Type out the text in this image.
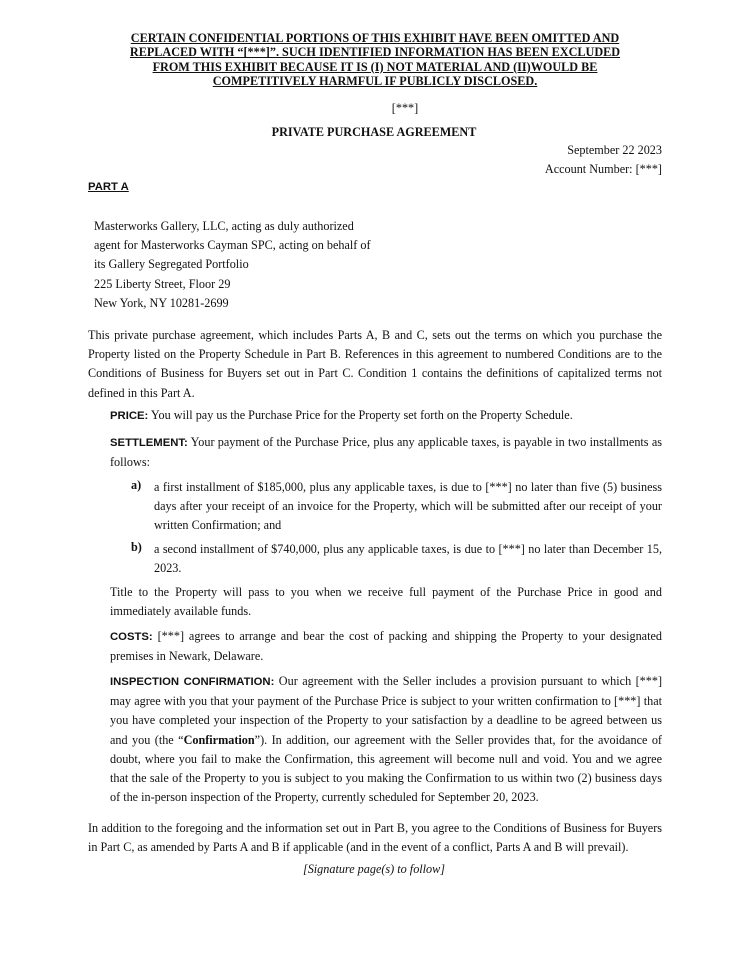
CERTAIN CONFIDENTIAL PORTIONS OF THIS EXHIBIT HAVE BEEN OMITTED AND
REPLACED WITH “[***]”. SUCH IDENTIFIED INFORMATION HAS BEEN EXCLUDED
FROM THIS EXHIBIT BECAUSE IT IS (I) NOT MATERIAL AND (II)WOULD BE
COMPETITIVELY HARMFUL IF PUBLICLY DISCLOSED.
[***]
PRIVATE PURCHASE AGREEMENT
September 22 2023
Account Number: [***]
PART A
Masterworks Gallery, LLC, acting as duly authorized
agent for Masterworks Cayman SPC, acting on behalf of
its Gallery Segregated Portfolio
225 Liberty Street, Floor 29
New York, NY 10281-2699
This private purchase agreement, which includes Parts A, B and C, sets out the terms on which you purchase the Property listed on the Property Schedule in Part B. References in this agreement to numbered Conditions are to the Conditions of Business for Buyers set out in Part C. Condition 1 contains the definitions of capitalized terms not defined in this Part A.
PRICE: You will pay us the Purchase Price for the Property set forth on the Property Schedule.
SETTLEMENT: Your payment of the Purchase Price, plus any applicable taxes, is payable in two installments as follows:
a) a first installment of $185,000, plus any applicable taxes, is due to [***] no later than five (5) business days after your receipt of an invoice for the Property, which will be submitted after our receipt of your written Confirmation; and
b) a second installment of $740,000, plus any applicable taxes, is due to [***] no later than December 15, 2023.
Title to the Property will pass to you when we receive full payment of the Purchase Price in good and immediately available funds.
COSTS: [***] agrees to arrange and bear the cost of packing and shipping the Property to your designated premises in Newark, Delaware.
INSPECTION CONFIRMATION: Our agreement with the Seller includes a provision pursuant to which [***] may agree with you that your payment of the Purchase Price is subject to your written confirmation to [***] that you have completed your inspection of the Property to your satisfaction by a deadline to be agreed between us and you (the “Confirmation”). In addition, our agreement with the Seller provides that, for the avoidance of doubt, where you fail to make the Confirmation, this agreement will become null and void. You and we agree that the sale of the Property to you is subject to you making the Confirmation to us within two (2) business days of the in-person inspection of the Property, currently scheduled for September 20, 2023.
In addition to the foregoing and the information set out in Part B, you agree to the Conditions of Business for Buyers in Part C, as amended by Parts A and B if applicable (and in the event of a conflict, Parts A and B will prevail).
[Signature page(s) to follow]
